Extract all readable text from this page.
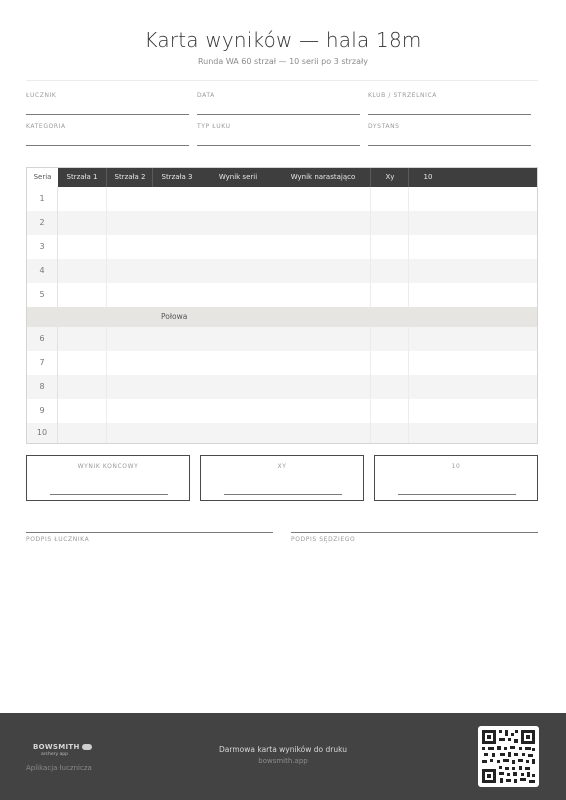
Karta wyników — hala 18m
Runda WA 60 strzał — 10 serii po 3 strzały
ŁUCZNIK	DATA	KLUB / STRZELNICA
KATEGORIA	TYP ŁUKU	DYSTANS
Seria	Strzała 1	Strzała 2	Strzała 3	Wynik serii	Wynik narastająco	Xy	10
1
2
3
4
5
Połowa
6
7
8
9
10
WYNIK KOŃCOWY	XY	10
PODPIS ŁUCZNIKA	PODPIS SĘDZIEGO
BOWSMITH
archery app
Aplikacja łucznicza
Darmowa karta wyników do druku
bowsmith.app
